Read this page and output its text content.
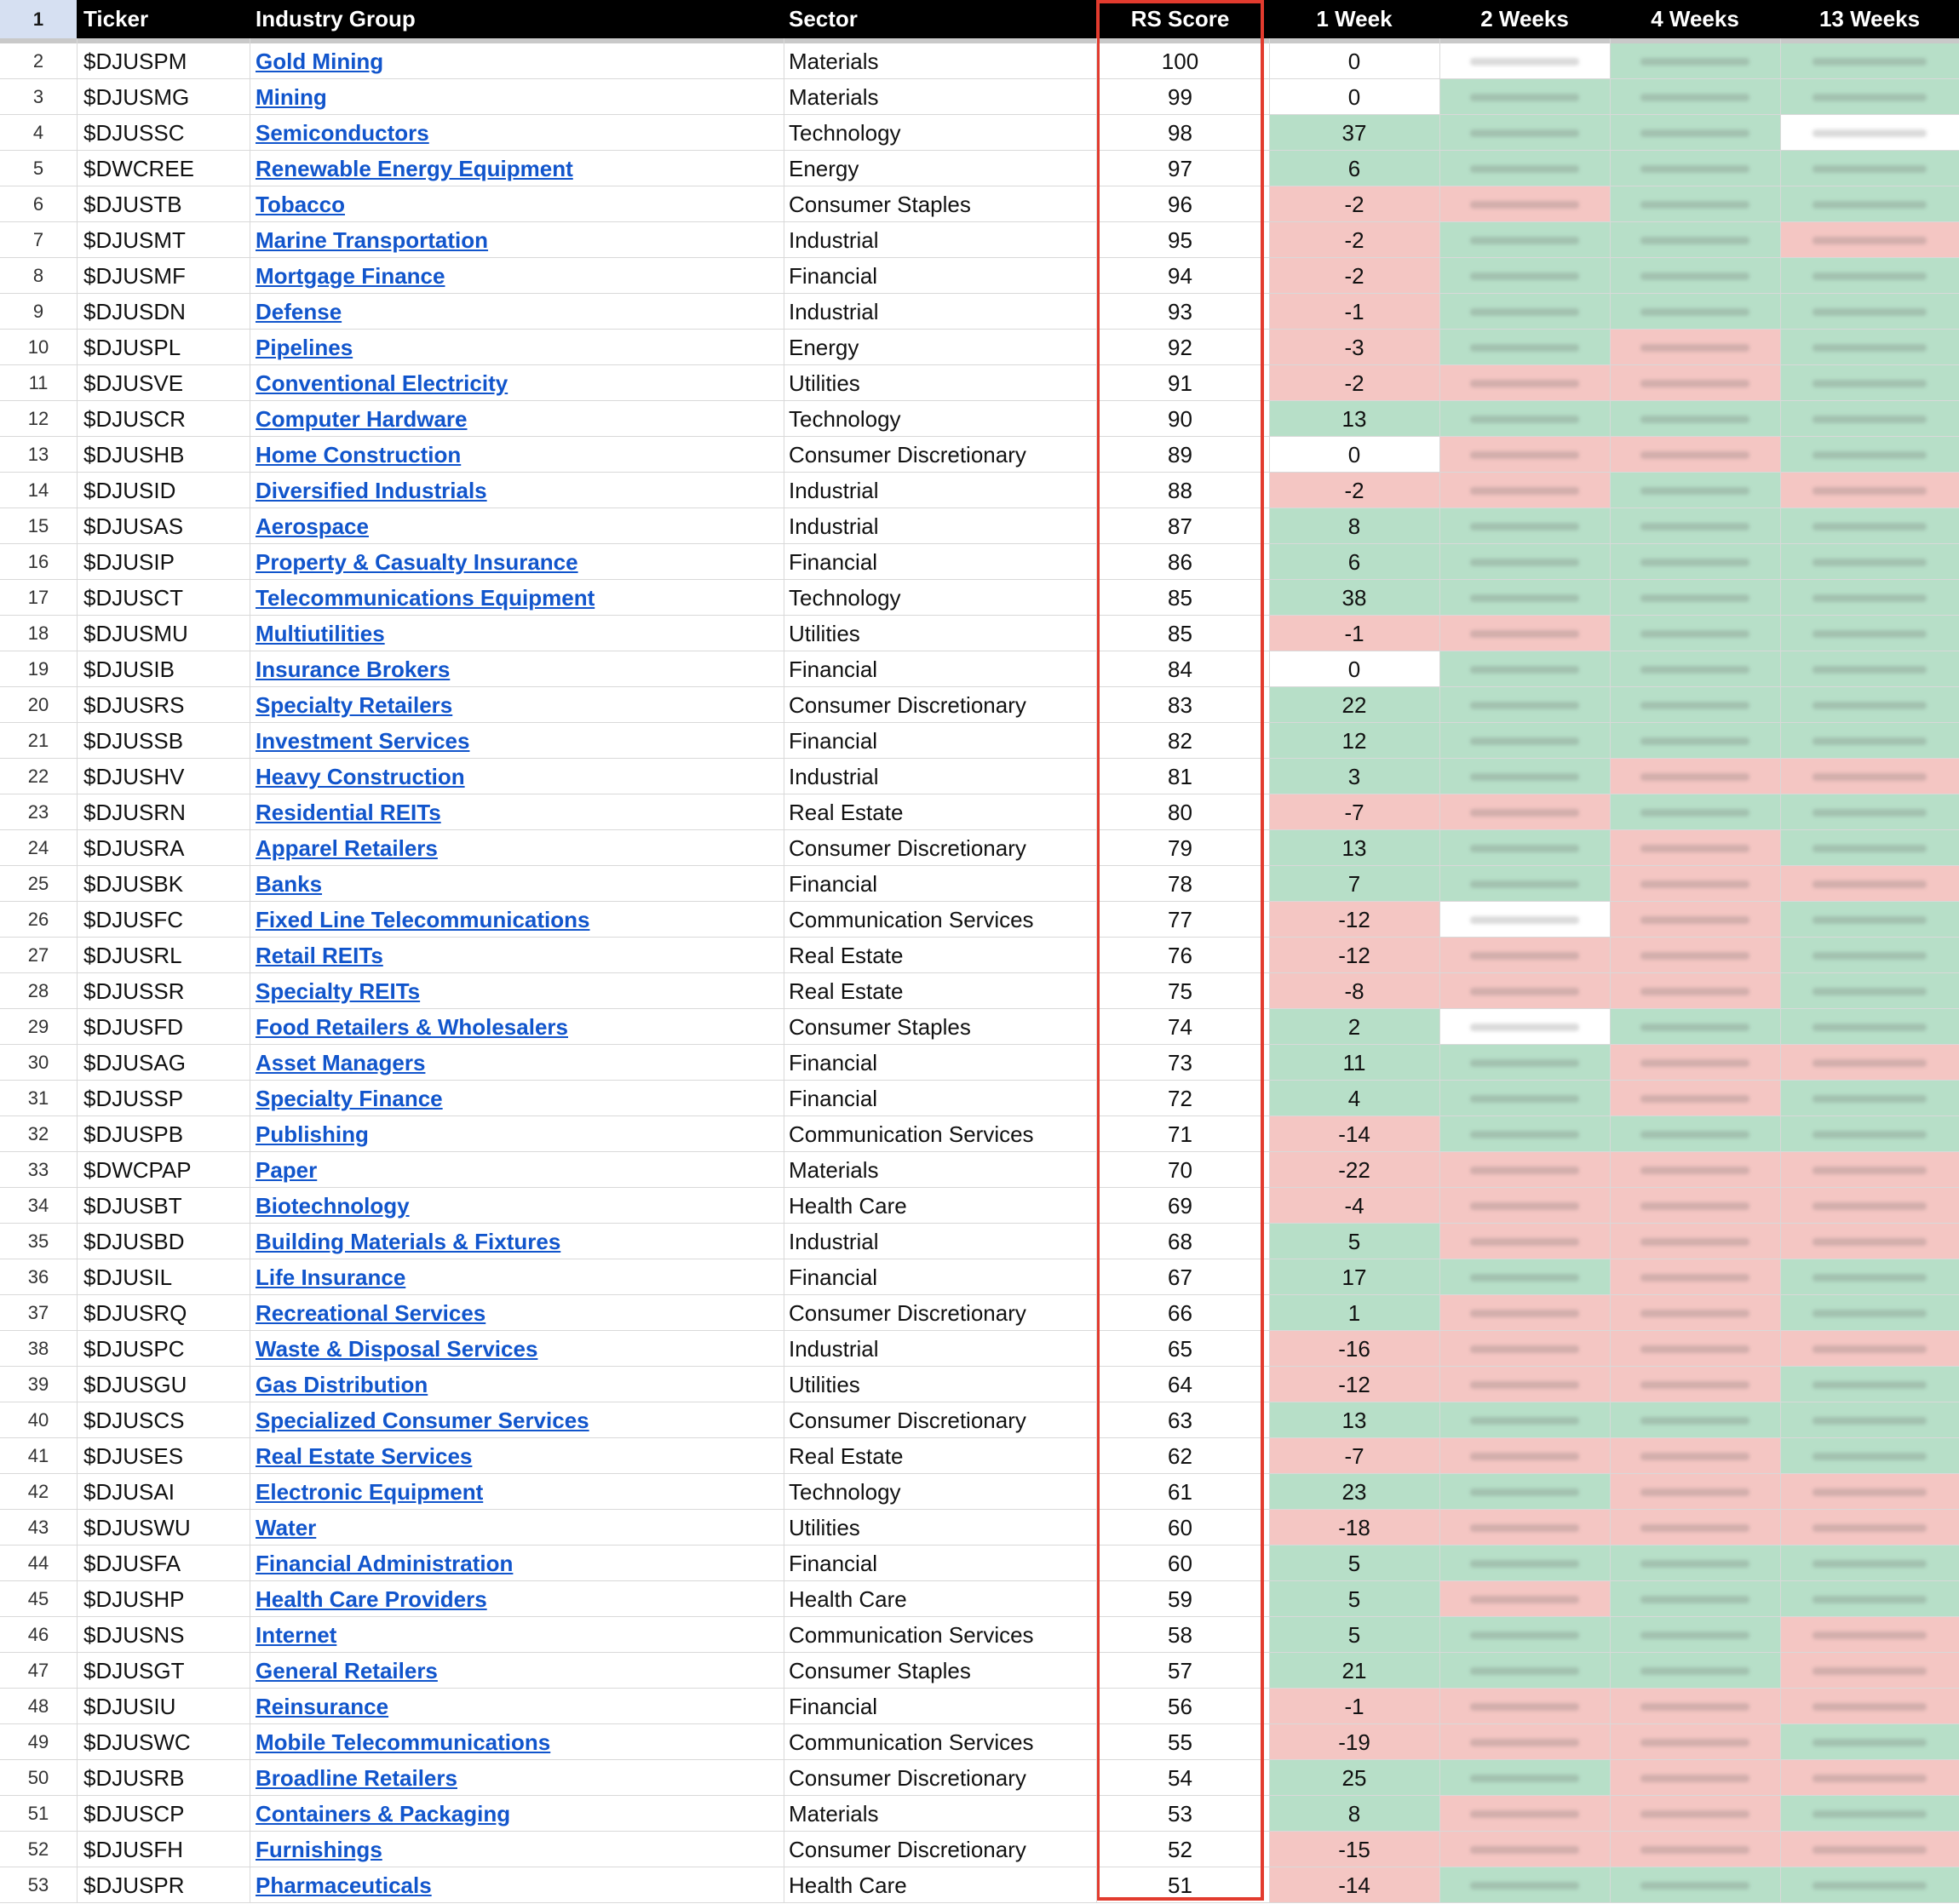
1	Ticker	Industry Group	Sector	RS Score	1 Week	2 Weeks	4 Weeks	13 Weeks
2	$DJUSPM	Gold Mining	Materials	100	0
3	$DJUSMG	Mining	Materials	99	0
4	$DJUSSC	Semiconductors	Technology	98	37
5	$DWCREE	Renewable Energy Equipment	Energy	97	6
6	$DJUSTB	Tobacco	Consumer Staples	96	-2
7	$DJUSMT	Marine Transportation	Industrial	95	-2
8	$DJUSMF	Mortgage Finance	Financial	94	-2
9	$DJUSDN	Defense	Industrial	93	-1
10	$DJUSPL	Pipelines	Energy	92	-3
11	$DJUSVE	Conventional Electricity	Utilities	91	-2
12	$DJUSCR	Computer Hardware	Technology	90	13
13	$DJUSHB	Home Construction	Consumer Discretionary	89	0
14	$DJUSID	Diversified Industrials	Industrial	88	-2
15	$DJUSAS	Aerospace	Industrial	87	8
16	$DJUSIP	Property & Casualty Insurance	Financial	86	6
17	$DJUSCT	Telecommunications Equipment	Technology	85	38
18	$DJUSMU	Multiutilities	Utilities	85	-1
19	$DJUSIB	Insurance Brokers	Financial	84	0
20	$DJUSRS	Specialty Retailers	Consumer Discretionary	83	22
21	$DJUSSB	Investment Services	Financial	82	12
22	$DJUSHV	Heavy Construction	Industrial	81	3
23	$DJUSRN	Residential REITs	Real Estate	80	-7
24	$DJUSRA	Apparel Retailers	Consumer Discretionary	79	13
25	$DJUSBK	Banks	Financial	78	7
26	$DJUSFC	Fixed Line Telecommunications	Communication Services	77	-12
27	$DJUSRL	Retail REITs	Real Estate	76	-12
28	$DJUSSR	Specialty REITs	Real Estate	75	-8
29	$DJUSFD	Food Retailers & Wholesalers	Consumer Staples	74	2
30	$DJUSAG	Asset Managers	Financial	73	11
31	$DJUSSP	Specialty Finance	Financial	72	4
32	$DJUSPB	Publishing	Communication Services	71	-14
33	$DWCPAP	Paper	Materials	70	-22
34	$DJUSBT	Biotechnology	Health Care	69	-4
35	$DJUSBD	Building Materials & Fixtures	Industrial	68	5
36	$DJUSIL	Life Insurance	Financial	67	17
37	$DJUSRQ	Recreational Services	Consumer Discretionary	66	1
38	$DJUSPC	Waste & Disposal Services	Industrial	65	-16
39	$DJUSGU	Gas Distribution	Utilities	64	-12
40	$DJUSCS	Specialized Consumer Services	Consumer Discretionary	63	13
41	$DJUSES	Real Estate Services	Real Estate	62	-7
42	$DJUSAI	Electronic Equipment	Technology	61	23
43	$DJUSWU	Water	Utilities	60	-18
44	$DJUSFA	Financial Administration	Financial	60	5
45	$DJUSHP	Health Care Providers	Health Care	59	5
46	$DJUSNS	Internet	Communication Services	58	5
47	$DJUSGT	General Retailers	Consumer Staples	57	21
48	$DJUSIU	Reinsurance	Financial	56	-1
49	$DJUSWC	Mobile Telecommunications	Communication Services	55	-19
50	$DJUSRB	Broadline Retailers	Consumer Discretionary	54	25
51	$DJUSCP	Containers & Packaging	Materials	53	8
52	$DJUSFH	Furnishings	Consumer Discretionary	52	-15
53	$DJUSPR	Pharmaceuticals	Health Care	51	-14
